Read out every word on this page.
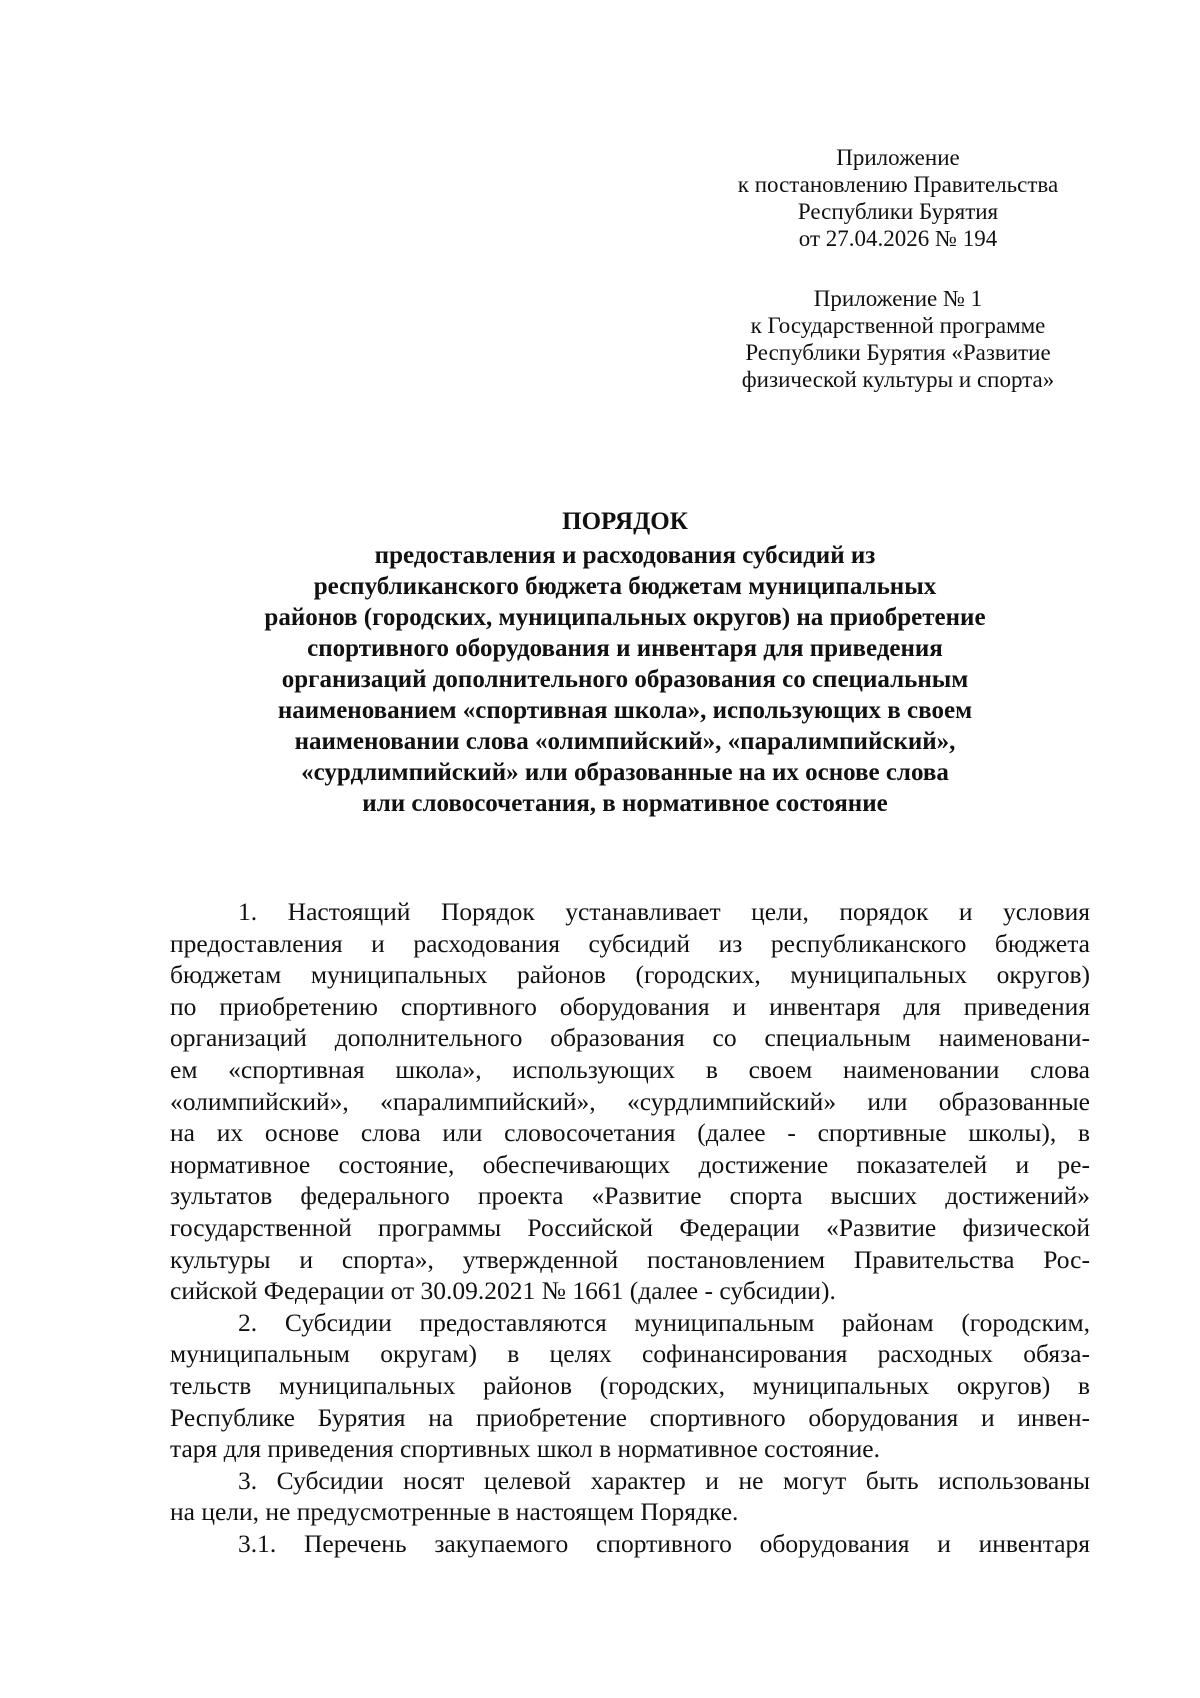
Приложение
к постановлению Правительства
Республики Бурятия
от 27.04.2026 № 194
Приложение № 1
к Государственной программе
Республики Бурятия «Развитие
физической культуры и спорта»
ПОРЯДОК
предоставления и расходования субсидий из
республиканского бюджета бюджетам муниципальных
районов (городских, муниципальных округов) на приобретение
спортивного оборудования и инвентаря для приведения
организаций дополнительного образования со специальным
наименованием «спортивная школа», использующих в своем
наименовании слова «олимпийский», «паралимпийский»,
«сурдлимпийский» или образованные на их основе слова
или словосочетания, в нормативное состояние
1. Настоящий Порядок устанавливает цели, порядок и условия
предоставления и расходования субсидий из республиканского бюджета
бюджетам муниципальных районов (городских, муниципальных округов)
по приобретению спортивного оборудования и инвентаря для приведения
организаций дополнительного образования со специальным наименовани-
ем «спортивная школа», использующих в своем наименовании слова
«олимпийский», «паралимпийский», «сурдлимпийский» или образованные
на их основе слова или словосочетания (далее - спортивные школы), в
нормативное состояние, обеспечивающих достижение показателей и ре-
зультатов федерального проекта «Развитие спорта высших достижений»
государственной программы Российской Федерации «Развитие физической
культуры и спорта», утвержденной постановлением Правительства Рос-
сийской Федерации от 30.09.2021 № 1661 (далее - субсидии).
2. Субсидии предоставляются муниципальным районам (городским,
муниципальным округам) в целях софинансирования расходных обяза-
тельств муниципальных районов (городских, муниципальных округов) в
Республике Бурятия на приобретение спортивного оборудования и инвен-
таря для приведения спортивных школ в нормативное состояние.
3. Субсидии носят целевой характер и не могут быть использованы
на цели, не предусмотренные в настоящем Порядке.
3.1. Перечень закупаемого спортивного оборудования и инвентаря
